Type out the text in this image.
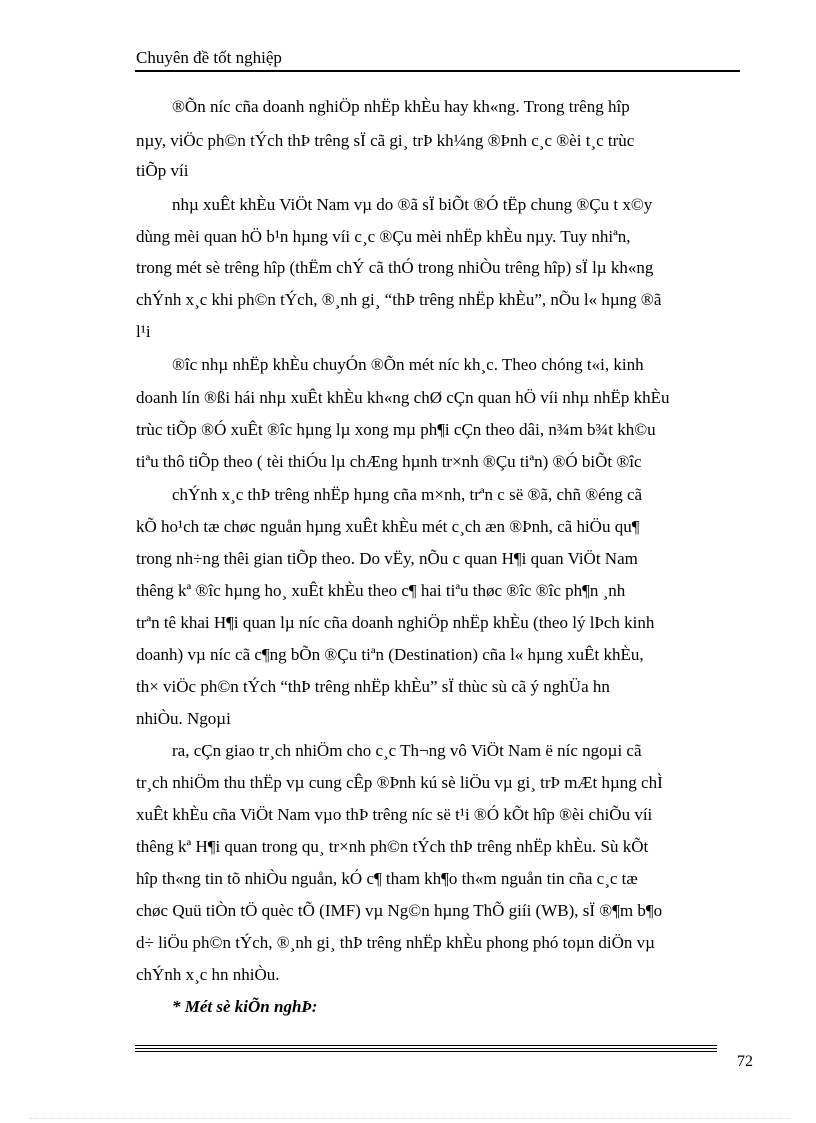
Chuyên đề tốt nghiệp
®Õn níc cña doanh nghiÖp nhËp khÈu hay kh«ng. Trong trêng hîp
nµy, viÖc ph©n tÝch thÞ trêng sÏ cã gi¸ trÞ kh¼ng ®Þnh c¸c ®èi t¸c trùc
tiÕp víi
nhµ xuÊt khÈu ViÖt Nam vµ do ®ã sÏ biÕt ®Ó tËp chung ®Çu t x©y
dùng mèi quan hÖ b¹n hµng víi c¸c ®Çu mèi nhËp khÈu nµy. Tuy nhiªn,
trong mét sè trêng hîp (thËm chÝ cã thÓ trong nhiÒu trêng hîp) sÏ lµ kh«ng
chÝnh x¸c khi ph©n tÝch, ®¸nh gi¸ “thÞ trêng nhËp khÈu”, nÕu l« hµng ®ã
l¹i
®îc nhµ nhËp khÈu chuyÓn ®Õn mét níc kh¸c. Theo chóng t«i, kinh
doanh lín ®ßi hái nhµ xuÊt khÈu kh«ng chØ cÇn quan hÖ víi nhµ nhËp khÈu
trùc tiÕp ®Ó xuÊt ®îc hµng lµ xong mµ ph¶i cÇn theo dâi, n¾m b¾t kh©u
tiªu thô tiÕp theo ( tèi thiÓu lµ chÆng hµnh tr×nh ®Çu tiªn) ®Ó biÕt ®îc
chÝnh x¸c thÞ trêng nhËp hµng cña m×nh, trªn c së ®ã, chñ ®éng cã
kÕ ho¹ch tæ chøc nguån hµng xuÊt khÈu mét c¸ch æn ®Þnh, cã hiÖu qu¶
trong nh÷ng thêi gian tiÕp theo. Do vËy, nÕu c quan H¶i quan ViÖt Nam
thêng kª ®îc hµng ho¸ xuÊt khÈu theo c¶ hai tiªu thøc ®îc ®îc ph¶n ¸nh
trªn tê khai H¶i quan lµ níc cña doanh nghiÖp nhËp khÈu (theo lý lÞch kinh
doanh) vµ níc cã c¶ng bÕn ®Çu tiªn (Destination) cña l« hµng xuÊt khÈu,
th× viÖc ph©n tÝch “thÞ trêng nhËp khÈu” sÏ thùc sù cã ý nghÜa hn
nhiÒu. Ngoµi
ra, cÇn giao tr¸ch nhiÖm cho c¸c Th¬ng vô ViÖt Nam ë níc ngoµi cã
tr¸ch nhiÖm thu thËp vµ cung cÊp ®Þnh kú sè liÖu vµ gi¸ trÞ mÆt hµng chÌ
xuÊt khÈu cña ViÖt Nam vµo thÞ trêng níc së t¹i ®Ó kÕt hîp ®èi chiÕu víi
thêng kª H¶i quan trong qu¸ tr×nh ph©n tÝch thÞ trêng nhËp khÈu. Sù kÕt
hîp th«ng tin tõ nhiÒu nguån, kÓ c¶ tham kh¶o th«m nguån tin cña c¸c tæ
chøc Quü tiÒn tÖ quèc tÕ (IMF) vµ Ng©n hµng ThÕ giíi (WB), sÏ ®¶m b¶o
d÷ liÖu ph©n tÝch, ®¸nh gi¸ thÞ trêng nhËp khÈu phong phó toµn diÖn vµ
chÝnh x¸c hn nhiÒu.
* Mét sè kiÕn nghÞ:
72
